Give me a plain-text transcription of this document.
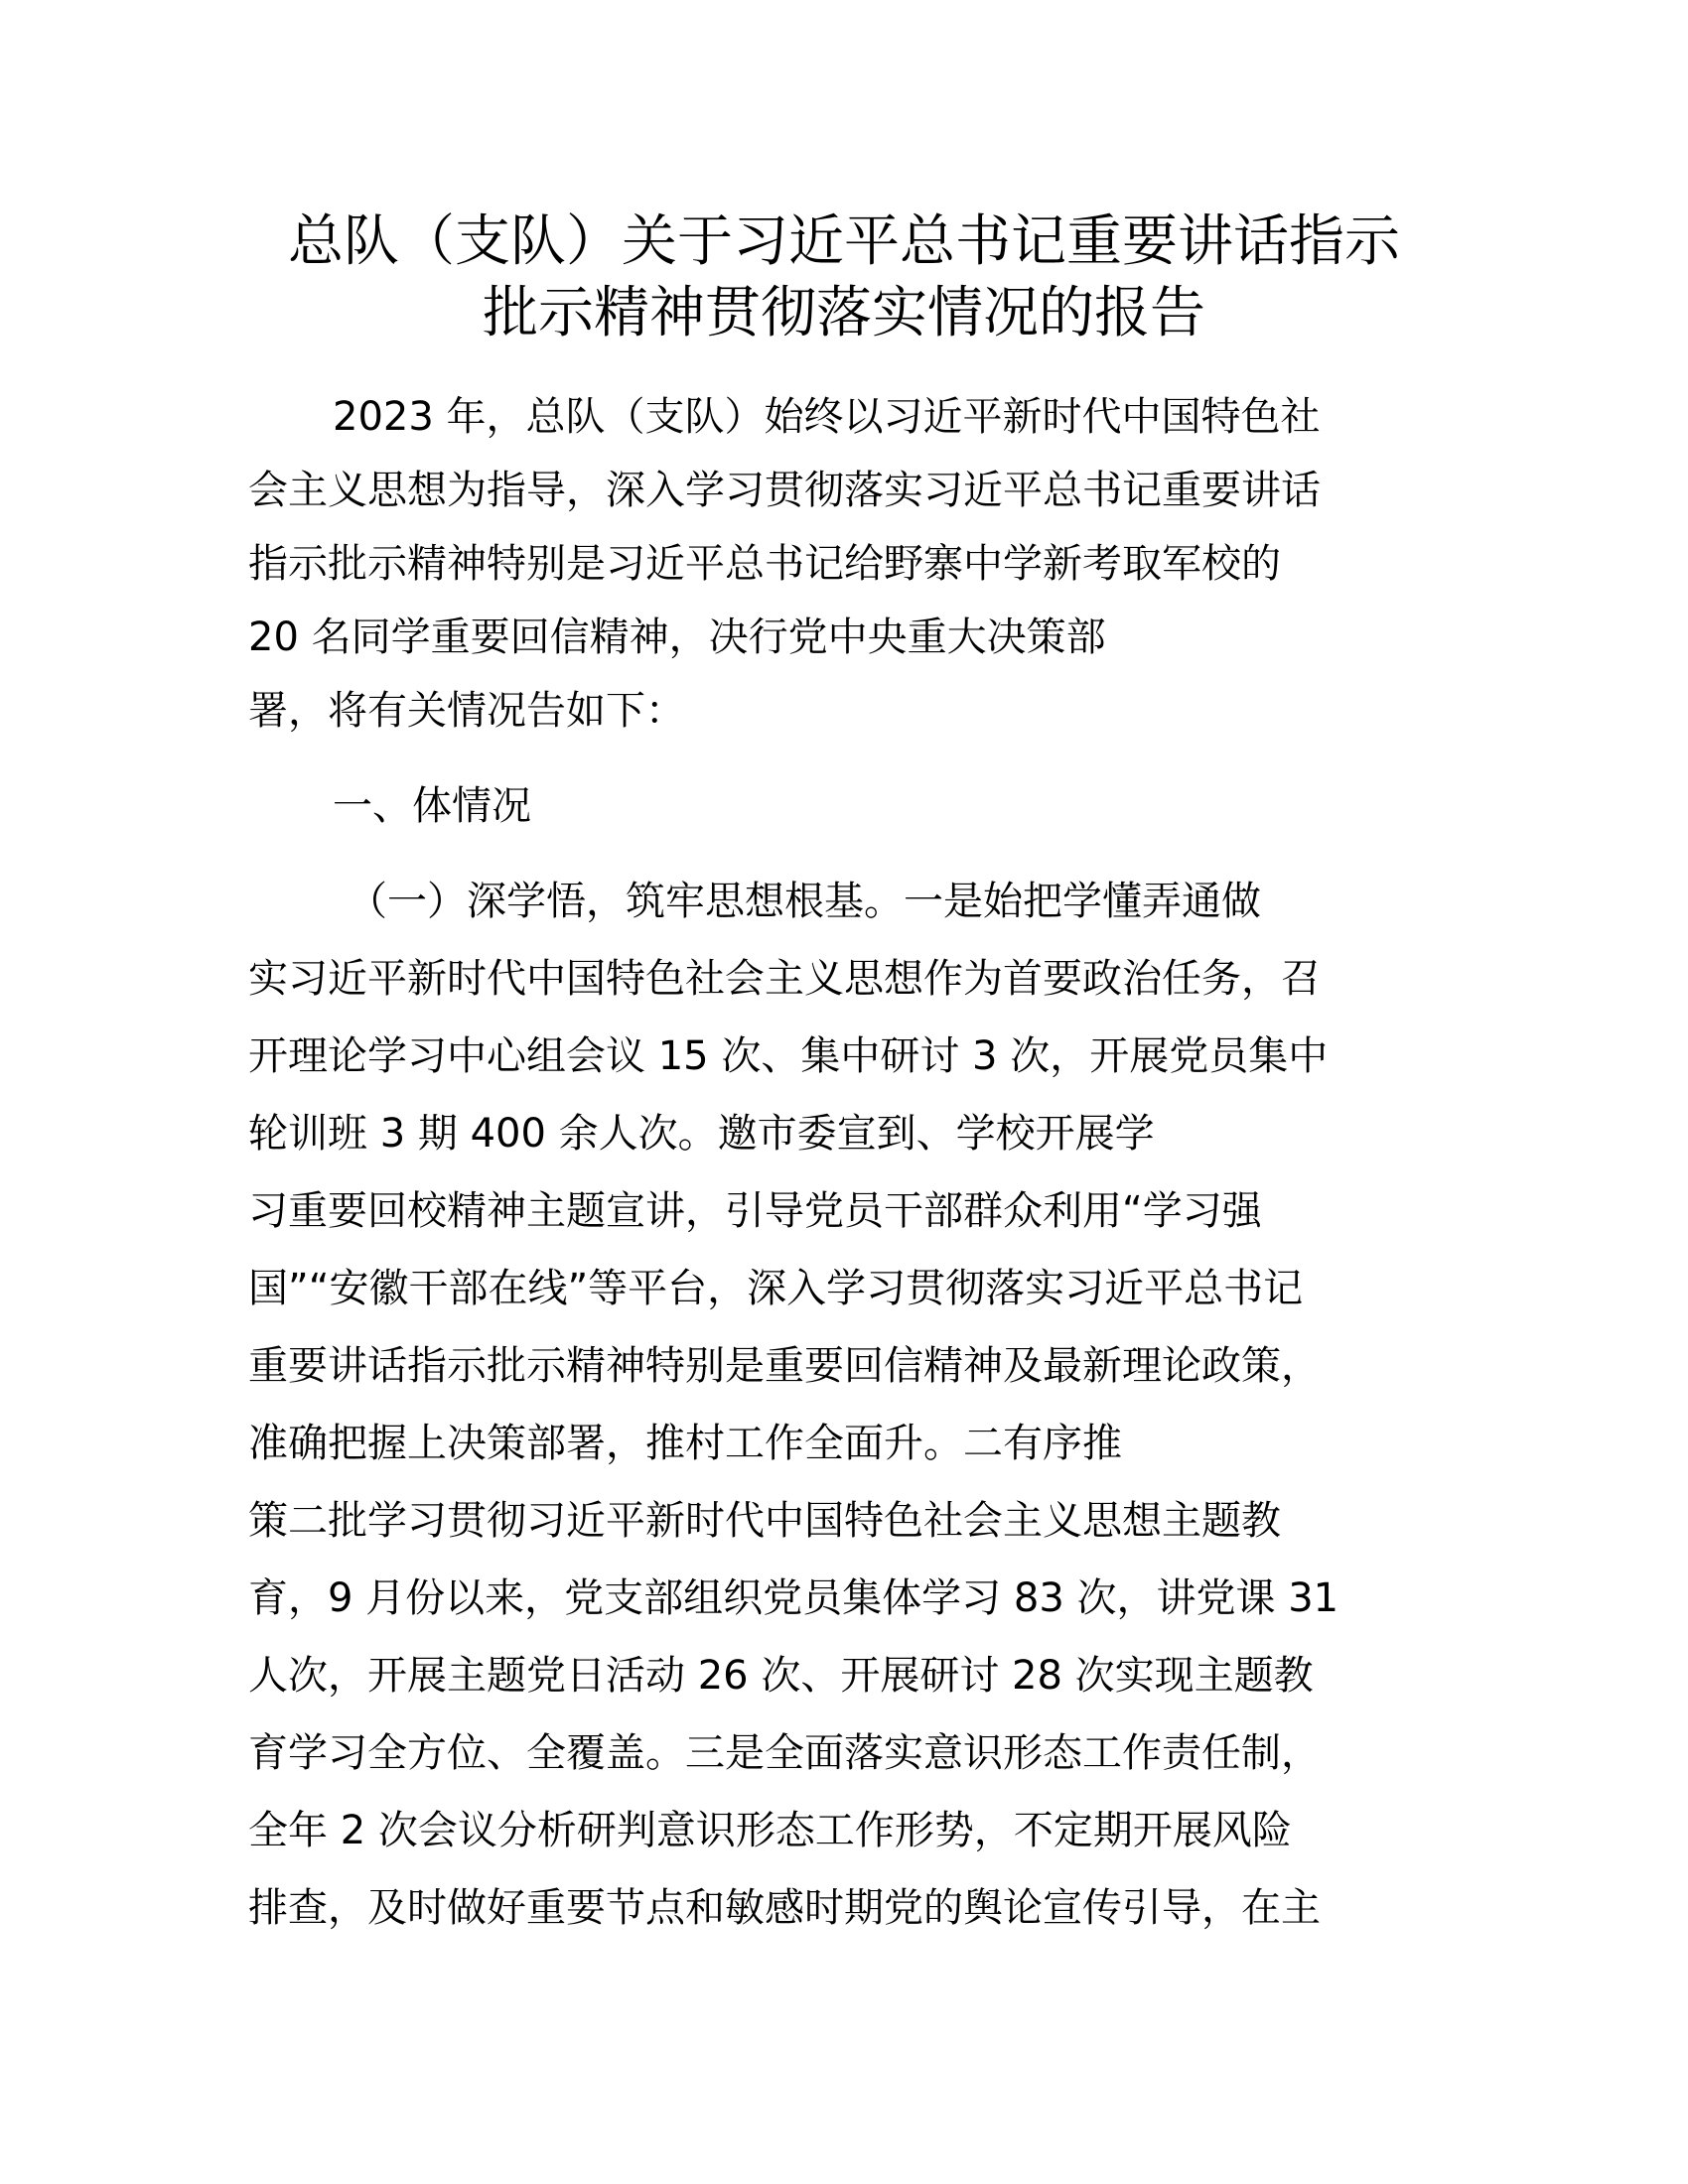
总队（支队）关于习近平总书记重要讲话指示
批示精神贯彻落实情况的报告
2023 年，总队（支队）始终以习近平新时代中国特色社
会主义思想为指导，深入学习贯彻落实习近平总书记重要讲话
指示批示精神特别是习近平总书记给野寨中学新考取军校的
20 名同学重要回信精神，决行党中央重大决策部
署，将有关情况告如下：
一、体情况
（一）深学悟，筑牢思想根基。一是始把学懂弄通做
实习近平新时代中国特色社会主义思想作为首要政治任务，召
开理论学习中心组会议 15 次、集中研讨 3 次，开展党员集中
轮训班 3 期 400 余人次。邀市委宣到、学校开展学
习重要回校精神主题宣讲，引导党员干部群众利用“学习强
国”“安徽干部在线”等平台，深入学习贯彻落实习近平总书记
重要讲话指示批示精神特别是重要回信精神及最新理论政策，
准确把握上决策部署，推村工作全面升。二有序推
策二批学习贯彻习近平新时代中国特色社会主义思想主题教
育，9 月份以来，党支部组织党员集体学习 83 次，讲党课 31
人次，开展主题党日活动 26 次、开展研讨 28 次实现主题教
育学习全方位、全覆盖。三是全面落实意识形态工作责任制，
全年 2 次会议分析研判意识形态工作形势，不定期开展风险
排查，及时做好重要节点和敏感时期党的舆论宣传引导，在主
